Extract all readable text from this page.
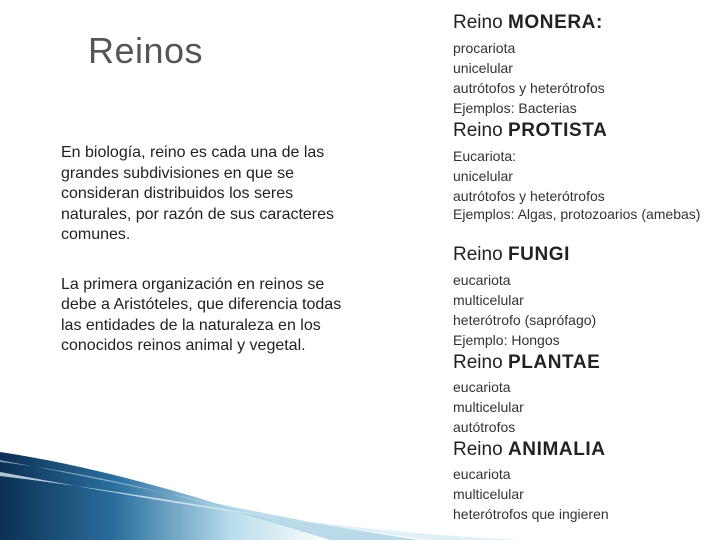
Reinos
En biología, reino es cada una de las grandes subdivisiones en que se consideran distribuidos los seres naturales, por razón de sus caracteres comunes.
La primera organización en reinos se debe a Aristóteles, que diferencia todas las entidades de la naturaleza en los conocidos reinos animal y vegetal.
Reino MONERA:
procariota
unicelular
autrótofos y heterótrofos
Ejemplos: Bacterias
Reino PROTISTA
Eucariota:
unicelular
autrótofos y heterótrofos
Ejemplos: Algas, protozoarios (amebas)
Reino FUNGI
eucariota
multicelular
heterótrofo (saprófago)
Ejemplo: Hongos
Reino PLANTAE
eucariota
multicelular
autótrofos
Reino ANIMALIA
eucariota
multicelular
heterótrofos que ingieren
